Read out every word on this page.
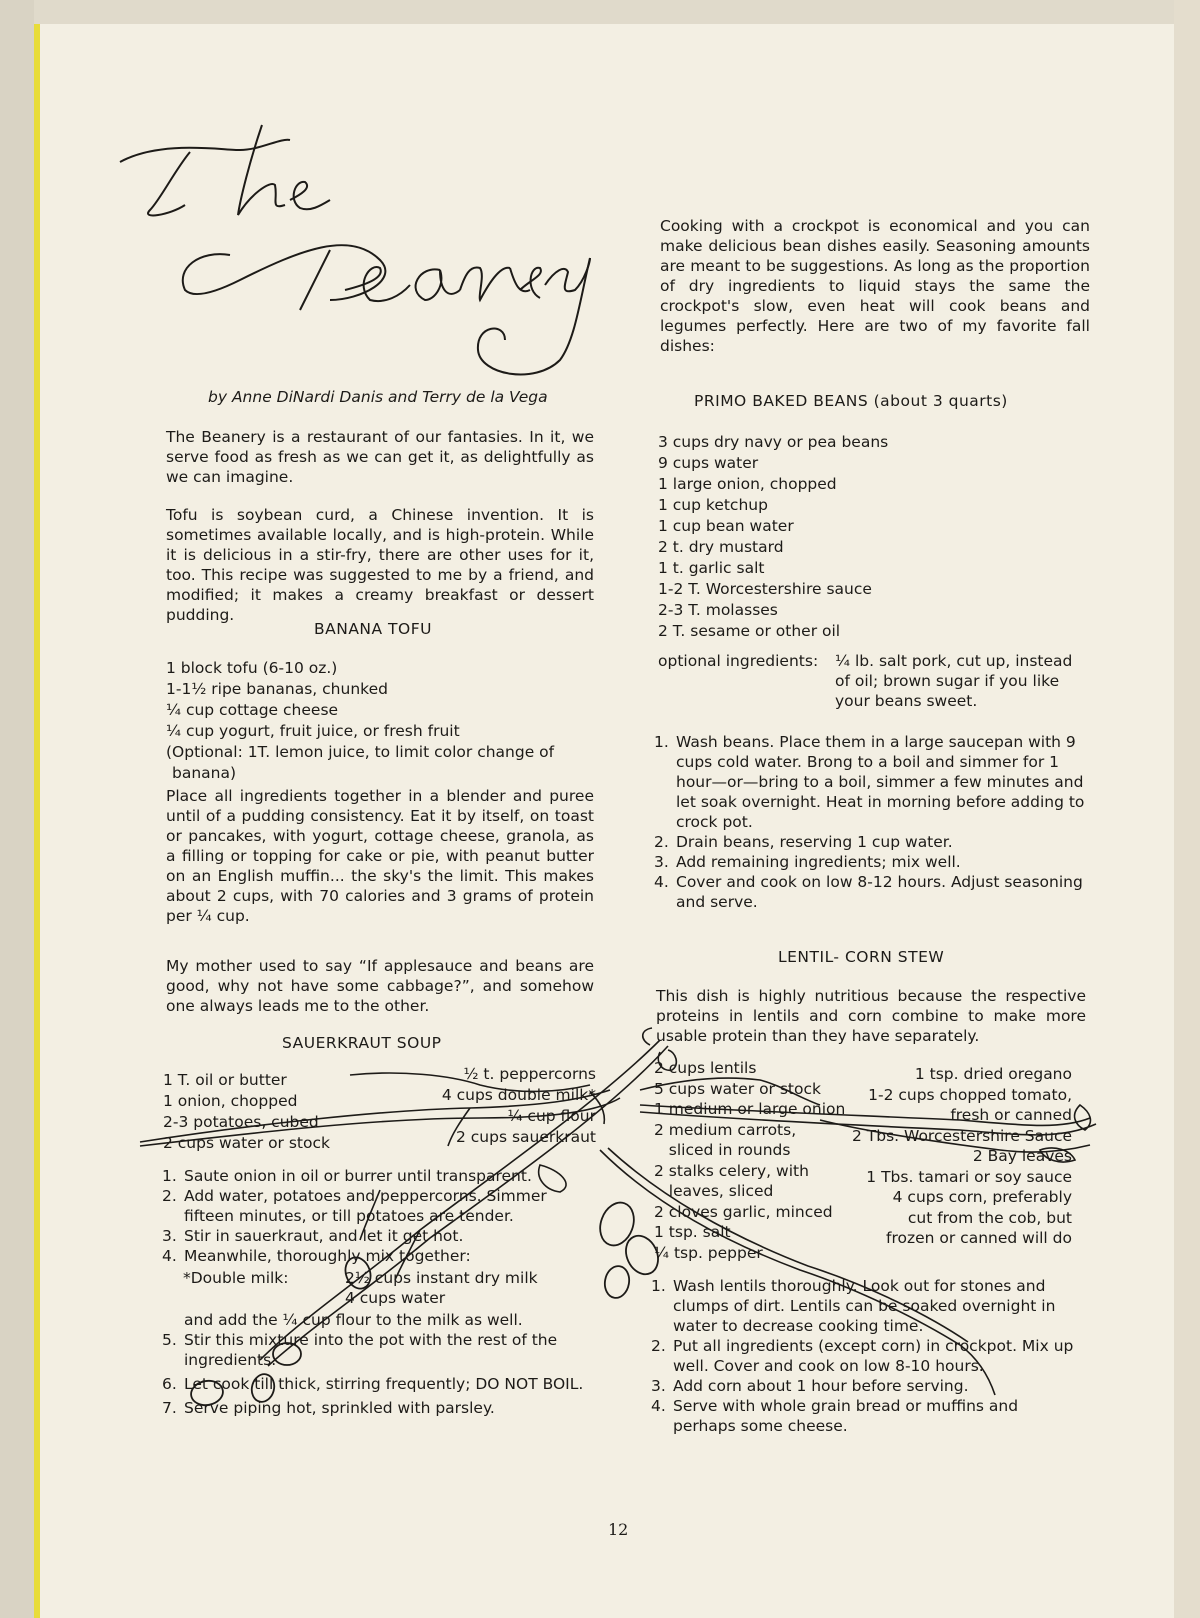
by Anne DiNardi Danis and Terry de la Vega

The Beanery is a restaurant of our fantasies. In it, we serve food as fresh as we can get it, as delightfully as we can imagine.

Tofu is soybean curd, a Chinese invention. It is sometimes available locally, and is high-protein. While it is delicious in a stir-fry, there are other uses for it, too. This recipe was suggested to me by a friend, and modified; it makes a creamy breakfast or dessert pudding.

BANANA TOFU
1 block tofu (6-10 oz.)
1-1½ ripe bananas, chunked
¼ cup cottage cheese
¼ cup yogurt, fruit juice, or fresh fruit
(Optional: 1T. lemon juice, to limit color change of
banana)

Place all ingredients together in a blender and puree until of a pudding consistency. Eat it by itself, on toast or pancakes, with yogurt, cottage cheese, granola, as a filling or topping for cake or pie, with peanut butter on an English muffin... the sky's the limit. This makes about 2 cups, with 70 calories and 3 grams of protein per ¼ cup.

My mother used to say “If applesauce and beans are good, why not have some cabbage?”, and somehow one always leads me to the other.

SAUERKRAUT SOUP
1 T. oil or butter
1 onion, chopped
2-3 potatoes, cubed
2 cups water or stock
½ t. peppercorns
4 cups double milk*
¼ cup flour
2 cups sauerkraut
1. Saute onion in oil or burrer until transparent.
2. Add water, potatoes and peppercorns. Simmer fifteen minutes, or till potatoes are tender.
3. Stir in sauerkraut, and let it get hot.
4. Meanwhile, thoroughly mix together:
*Double milk:	2½ cups instant dry milk
4 cups water
and add the ¼ cup flour to the milk as well.
5. Stir this mixture into the pot with the rest of the ingredients.
6. Let cook till thick, stirring frequently; DO NOT BOIL.
7. Serve piping hot, sprinkled with parsley.

Cooking with a crockpot is economical and you can make delicious bean dishes easily. Seasoning amounts are meant to be suggestions. As long as the proportion of dry ingredients to liquid stays the same the crockpot's slow, even heat will cook beans and legumes perfectly. Here are two of my favorite fall dishes:

PRIMO BAKED BEANS (about 3 quarts)
3 cups dry navy or pea beans
9 cups water
1 large onion, chopped
1 cup ketchup
1 cup bean water
2 t. dry mustard
1 t. garlic salt
1-2 T. Worcestershire sauce
2-3 T. molasses
2 T. sesame or other oil
optional ingredients: ¼ lb. salt pork, cut up, instead
of oil; brown sugar if you like
your beans sweet.
1. Wash beans. Place them in a large saucepan with 9 cups cold water. Brong to a boil and simmer for 1 hour—or—bring to a boil, simmer a few minutes and let soak overnight. Heat in morning before adding to crock pot.
2. Drain beans, reserving 1 cup water.
3. Add remaining ingredients; mix well.
4. Cover and cook on low 8-12 hours. Adjust seasoning and serve.
LENTIL- CORN STEW

This dish is highly nutritious because the respective proteins in lentils and corn combine to make more usable protein than they have separately.

2 cups lentils
5 cups water or stock
1 medium or large onion
2 medium carrots,
sliced in rounds
2 stalks celery, with
leaves, sliced
2 cloves garlic, minced
1 tsp. salt
¼ tsp. pepper
1 tsp. dried oregano
1-2 cups chopped tomato,
fresh or canned
2 Tbs. Worcestershire Sauce
2 Bay leaves
1 Tbs. tamari or soy sauce
4 cups corn, preferably
cut from the cob, but
frozen or canned will do
1. Wash lentils thoroughly. Look out for stones and clumps of dirt. Lentils can be soaked overnight in water to decrease cooking time.
2. Put all ingredients (except corn) in crockpot. Mix up well. Cover and cook on low 8-10 hours.
3. Add corn about 1 hour before serving.
4. Serve with whole grain bread or muffins and perhaps some cheese.
12
